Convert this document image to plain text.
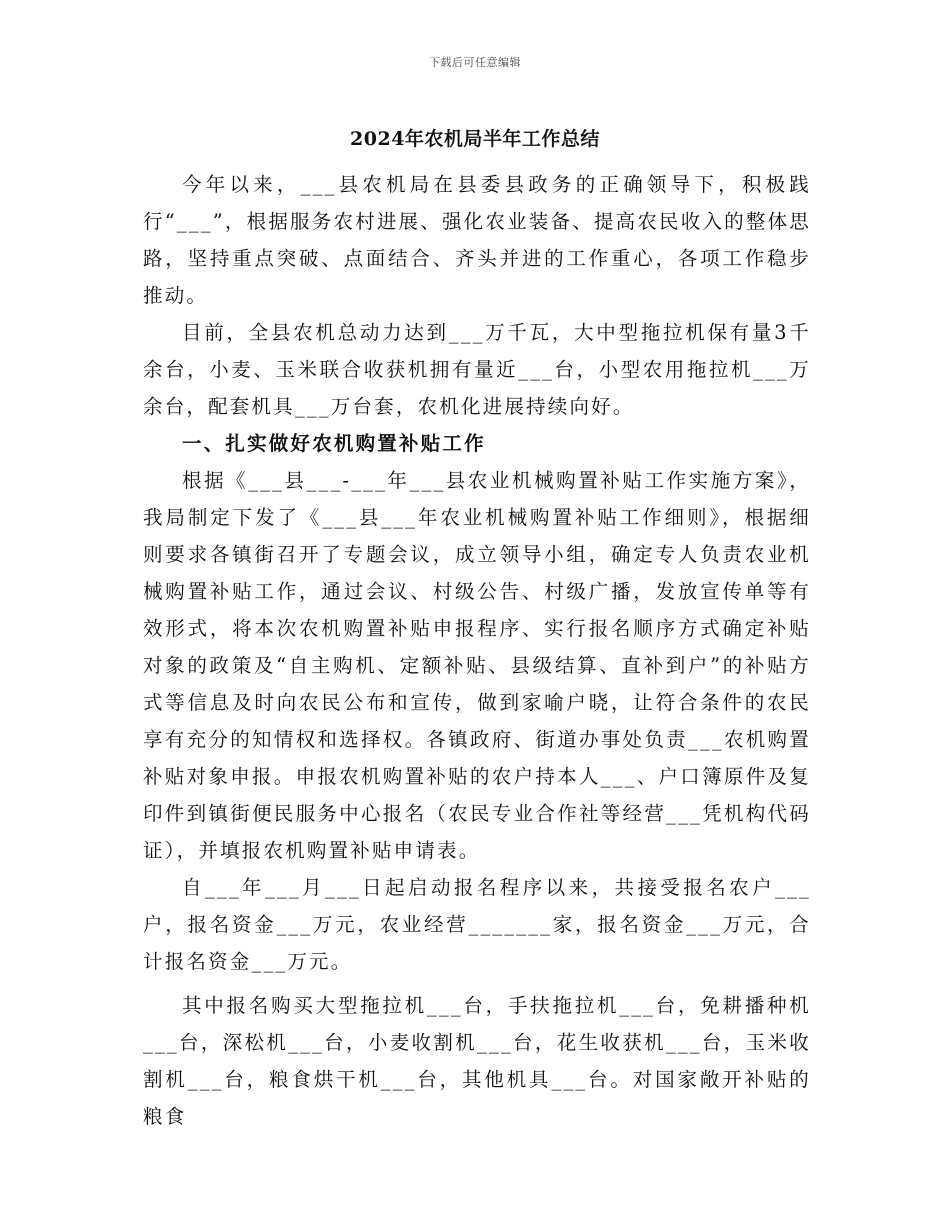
下载后可任意编辑
2024年农机局半年工作总结

今年以来，___县农机局在县委县政务的正确领导下，积极践行“___”，根据服务农村进展、强化农业装备、提高农民收入的整体思路，坚持重点突破、点面结合、齐头并进的工作重心，各项工作稳步推动。

目前，全县农机总动力达到___万千瓦，大中型拖拉机保有量3千余台，小麦、玉米联合收获机拥有量近___台，小型农用拖拉机___万余台，配套机具___万台套，农机化进展持续向好。

一、扎实做好农机购置补贴工作

根据《___县___-___年___县农业机械购置补贴工作实施方案》，我局制定下发了《___县___年农业机械购置补贴工作细则》，根据细则要求各镇街召开了专题会议，成立领导小组，确定专人负责农业机械购置补贴工作，通过会议、村级公告、村级广播，发放宣传单等有效形式，将本次农机购置补贴申报程序、实行报名顺序方式确定补贴对象的政策及“自主购机、定额补贴、县级结算、直补到户”的补贴方式等信息及时向农民公布和宣传，做到家喻户晓，让符合条件的农民享有充分的知情权和选择权。各镇政府、街道办事处负责___农机购置补贴对象申报。申报农机购置补贴的农户持本人___、户口簿原件及复印件到镇街便民服务中心报名（农民专业合作社等经营___凭机构代码证），并填报农机购置补贴申请表。

自___年___月___日起启动报名程序以来，共接受报名农户___户，报名资金___万元，农业经营_______家，报名资金___万元，合计报名资金___万元。

其中报名购买大型拖拉机___台，手扶拖拉机___台，免耕播种机___台，深松机___台，小麦收割机___台，花生收获机___台，玉米收割机___台，粮食烘干机___台，其他机具___台。对国家敞开补贴的粮食
